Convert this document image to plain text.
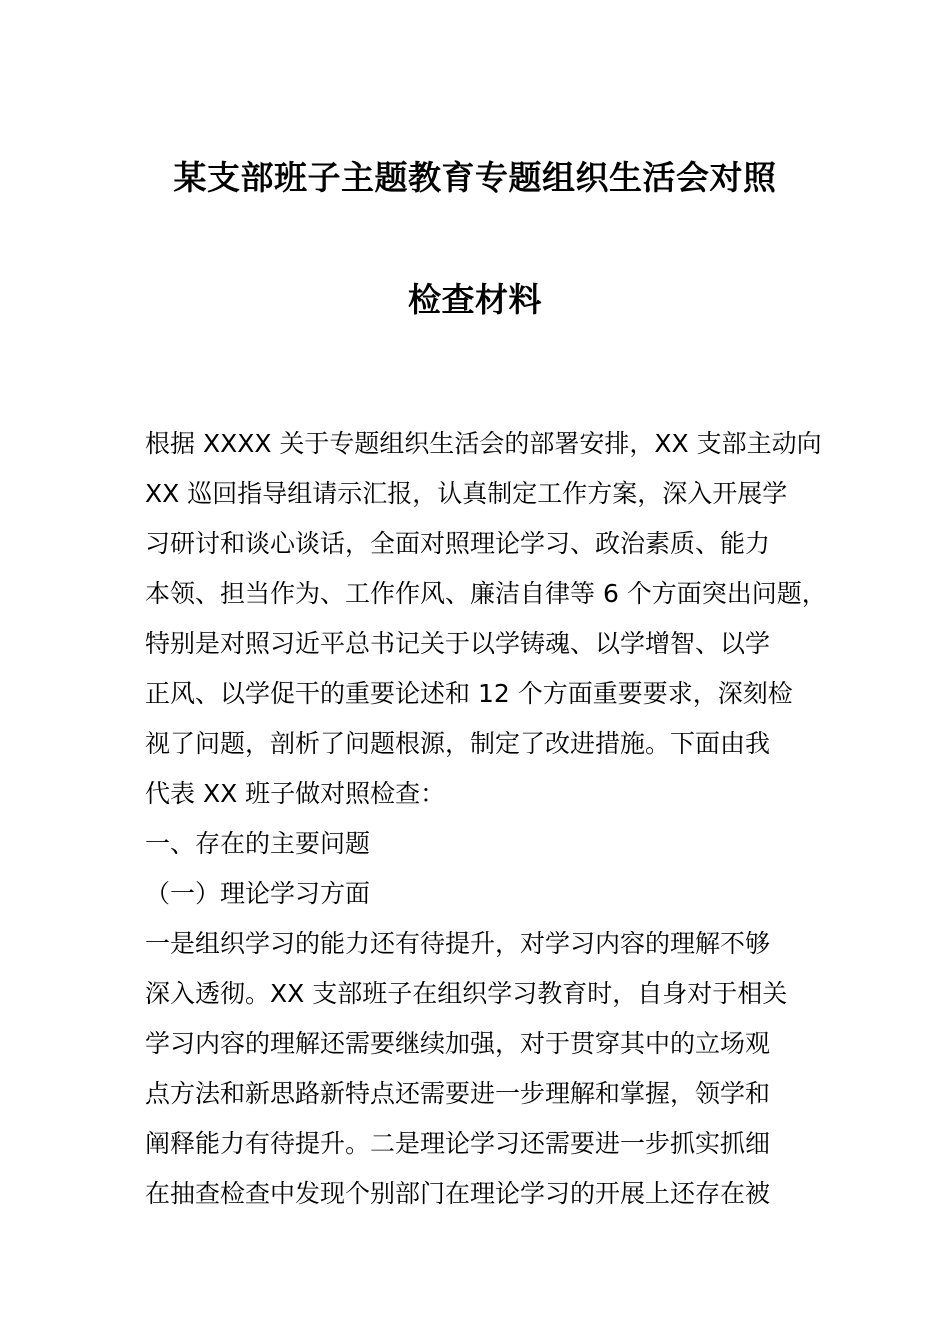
某支部班子主题教育专题组织生活会对照
检查材料
根据 XXXX 关于专题组织生活会的部署安排，XX 支部主动向
XX 巡回指导组请示汇报，认真制定工作方案，深入开展学
习研讨和谈心谈话，全面对照理论学习、政治素质、能力
本领、担当作为、工作作风、廉洁自律等 6 个方面突出问题，
特别是对照习近平总书记关于以学铸魂、以学增智、以学
正风、以学促干的重要论述和 12 个方面重要要求，深刻检
视了问题，剖析了问题根源，制定了改进措施。下面由我
代表 XX 班子做对照检查：
一、存在的主要问题
（一）理论学习方面
一是组织学习的能力还有待提升，对学习内容的理解不够
深入透彻。XX 支部班子在组织学习教育时，自身对于相关
学习内容的理解还需要继续加强，对于贯穿其中的立场观
点方法和新思路新特点还需要进一步理解和掌握，领学和
阐释能力有待提升。二是理论学习还需要进一步抓实抓细
在抽查检查中发现个别部门在理论学习的开展上还存在被
